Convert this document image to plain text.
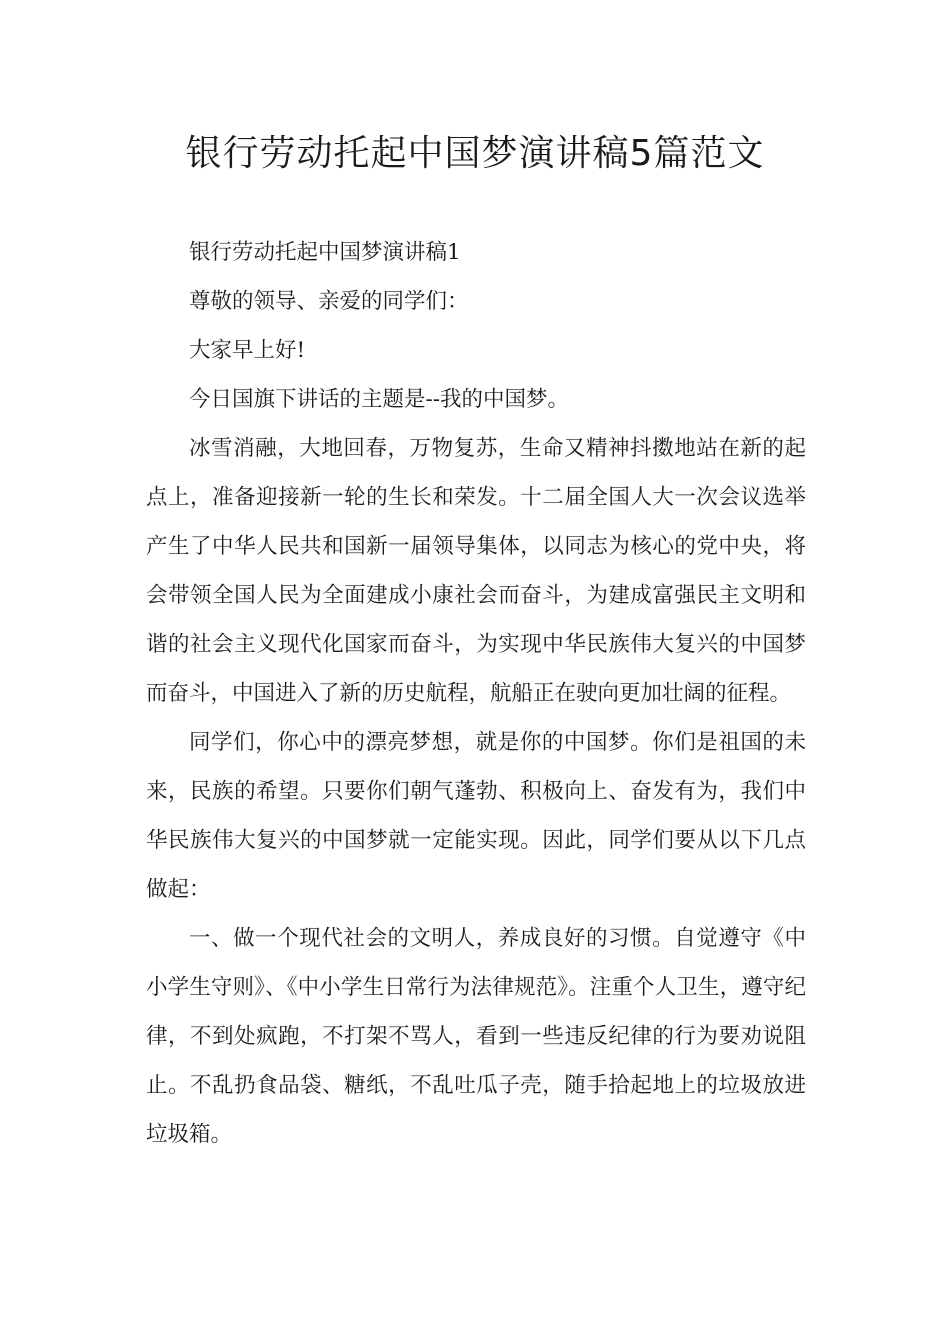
银行劳动托起中国梦演讲稿5篇范文

银行劳动托起中国梦演讲稿1

尊敬的领导、亲爱的同学们：

大家早上好!

今日国旗下讲话的主题是--我的中国梦。

冰雪消融，大地回春，万物复苏，生命又精神抖擞地站在新的起点上，准备迎接新一轮的生长和荣发。十二届全国人大一次会议选举产生了中华人民共和国新一届领导集体，以同志为核心的党中央，将会带领全国人民为全面建成小康社会而奋斗，为建成富强民主文明和谐的社会主义现代化国家而奋斗，为实现中华民族伟大复兴的中国梦而奋斗，中国进入了新的历史航程，航船正在驶向更加壮阔的征程。

同学们，你心中的漂亮梦想，就是你的中国梦。你们是祖国的未来，民族的希望。只要你们朝气蓬勃、积极向上、奋发有为，我们中华民族伟大复兴的中国梦就一定能实现。因此，同学们要从以下几点做起：

一、做一个现代社会的文明人，养成良好的习惯。自觉遵守《中小学生守则》、《中小学生日常行为法律规范》。注重个人卫生，遵守纪律，不到处疯跑，不打架不骂人，看到一些违反纪律的行为要劝说阻止。不乱扔食品袋、糖纸，不乱吐瓜子壳，随手拾起地上的垃圾放进垃圾箱。
